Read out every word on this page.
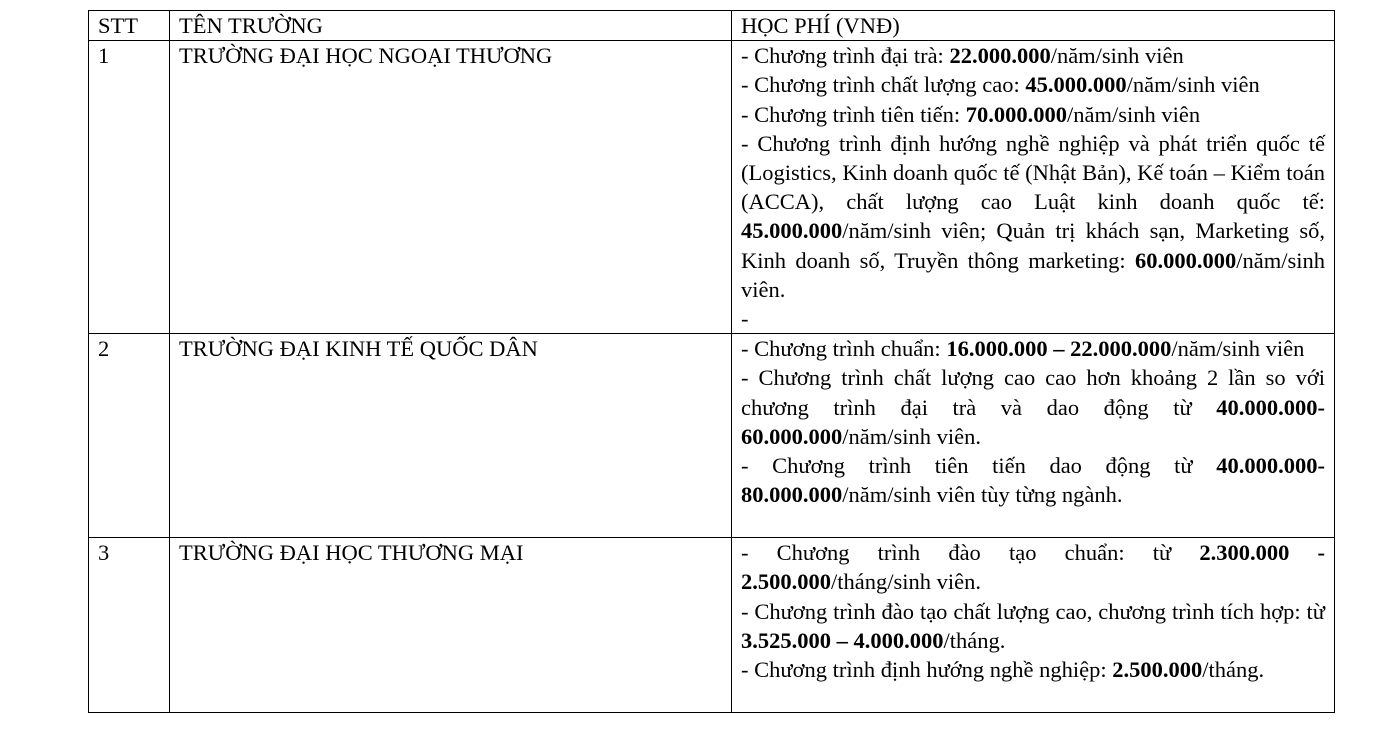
STT	TÊN TRƯỜNG	HỌC PHÍ (VNĐ)
1	TRƯỜNG ĐẠI HỌC NGOẠI THƯƠNG	- Chương trình đại trà: 22.000.000/năm/sinh viên

- Chương trình chất lượng cao: 45.000.000/năm/sinh viên

- Chương trình tiên tiến: 70.000.000/năm/sinh viên

- Chương trình định hướng nghề nghiệp và phát triển quốc tế (Logistics, Kinh doanh quốc tế (Nhật Bản), Kế toán – Kiểm toán (ACCA), chất lượng cao Luật kinh doanh quốc tế: 45.000.000/năm/sinh viên; Quản trị khách sạn, Marketing số, Kinh doanh số, Truyền thông marketing: 60.000.000/năm/sinh viên.

-

2	TRƯỜNG ĐẠI KINH TẾ QUỐC DÂN	- Chương trình chuẩn: 16.000.000 – 22.000.000/năm/sinh viên

- Chương trình chất lượng cao cao hơn khoảng 2 lần so với chương trình đại trà và dao động từ 40.000.000-60.000.000/năm/sinh viên.

- Chương trình tiên tiến dao động từ 40.000.000-80.000.000/năm/sinh viên tùy từng ngành.

3	TRƯỜNG ĐẠI HỌC THƯƠNG MẠI	- Chương trình đào tạo chuẩn: từ 2.300.000 - 2.500.000/tháng/sinh viên.

- Chương trình đào tạo chất lượng cao, chương trình tích hợp: từ 3.525.000 – 4.000.000/tháng.

- Chương trình định hướng nghề nghiệp: 2.500.000/tháng.
